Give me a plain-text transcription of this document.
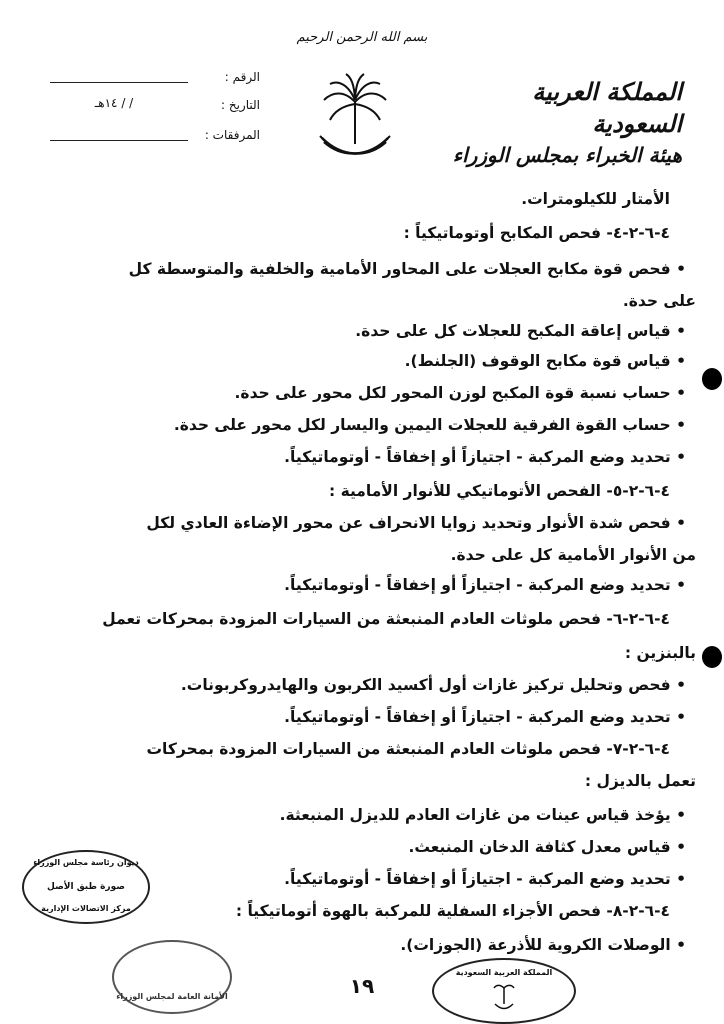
بسم الله الرحمن الرحيم
المملكة العربية السعودية
هيئة الخبراء بمجلس الوزراء
الرقم :
التاريخ :
/ / ١٤هـ
المرفقات :
الأمتار للكيلومترات.
٤-٦-٢-٤- فحص المكابح أوتوماتيكياً :
• فحص قوة مكابح العجلات على المحاور الأمامية والخلفية والمتوسطة كل
على حدة.
• قياس إعاقة المكبح للعجلات كل على حدة.
• قياس قوة مكابح الوقوف (الجلنط).
• حساب نسبة قوة المكبح لوزن المحور لكل محور على حدة.
• حساب القوة الفرقية للعجلات اليمين واليسار لكل محور على حدة.
• تحديد وضع المركبة - اجتيازاً أو إخفاقاً - أوتوماتيكياً.
٤-٦-٢-٥- الفحص الأتوماتيكي للأنوار الأمامية :
• فحص شدة الأنوار وتحديد زوايا الانحراف عن محور الإضاءة العادي لكل
من الأنوار الأمامية كل على حدة.
• تحديد وضع المركبة - اجتيازاً أو إخفاقاً - أوتوماتيكياً.
٤-٦-٢-٦- فحص ملوثات العادم المنبعثة من السيارات المزودة بمحركات تعمل
بالبنزين :
• فحص وتحليل تركيز غازات أول أكسيد الكربون والهايدروكربونات.
• تحديد وضع المركبة - اجتيازاً أو إخفاقاً - أوتوماتيكياً.
٤-٦-٢-٧- فحص ملوثات العادم المنبعثة من السيارات المزودة بمحركات
تعمل بالديزل :
• يؤخذ قياس عينات من غازات العادم للديزل المنبعثة.
• قياس معدل كثافة الدخان المنبعث.
• تحديد وضع المركبة - اجتيازاً أو إخفاقاً - أوتوماتيكياً.
٤-٦-٢-٨- فحص الأجزاء السفلية للمركبة بالهوة أتوماتيكياً :
• الوصلات الكروية للأذرعة (الجوزات).
ديوان رئاسة مجلس الوزراء
صورة طبق الأصل
مركز الاتصالات الإدارية
الأمانة العامة لمجلس الوزراء
المملكة العربية السعودية
١٩
